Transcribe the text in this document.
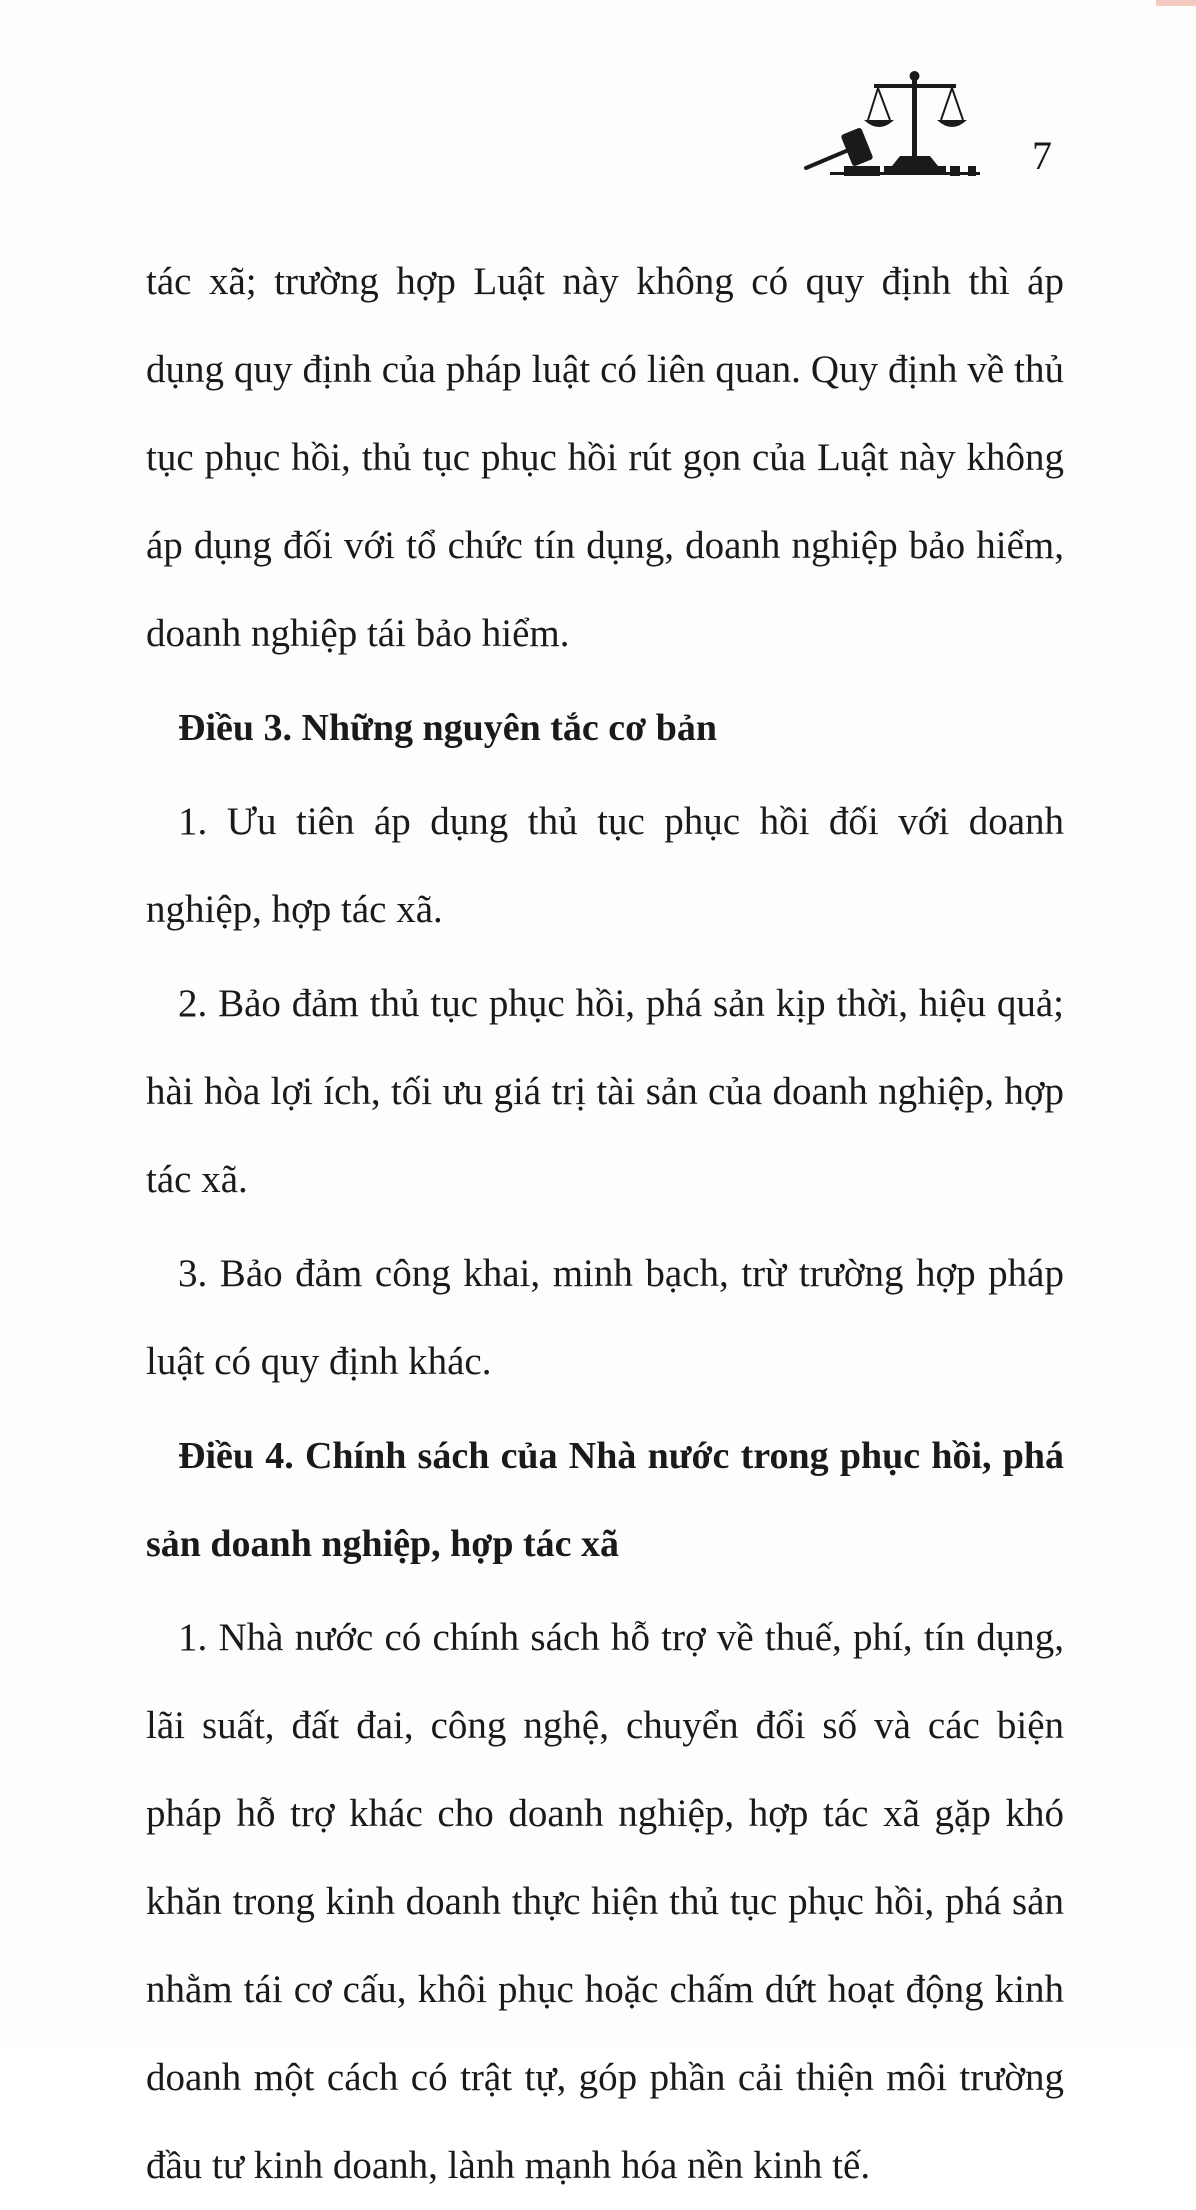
7

tác xã; trường hợp Luật này không có quy định thì áp dụng quy định của pháp luật có liên quan. Quy định về thủ tục phục hồi, thủ tục phục hồi rút gọn của Luật này không áp dụng đối với tổ chức tín dụng, doanh nghiệp bảo hiểm, doanh nghiệp tái bảo hiểm.

Điều 3. Những nguyên tắc cơ bản

1. Ưu tiên áp dụng thủ tục phục hồi đối với doanh nghiệp, hợp tác xã.

2. Bảo đảm thủ tục phục hồi, phá sản kịp thời, hiệu quả; hài hòa lợi ích, tối ưu giá trị tài sản của doanh nghiệp, hợp tác xã.

3. Bảo đảm công khai, minh bạch, trừ trường hợp pháp luật có quy định khác.

Điều 4. Chính sách của Nhà nước trong phục hồi, phá sản doanh nghiệp, hợp tác xã

1. Nhà nước có chính sách hỗ trợ về thuế, phí, tín dụng, lãi suất, đất đai, công nghệ, chuyển đổi số và các biện pháp hỗ trợ khác cho doanh nghiệp, hợp tác xã gặp khó khăn trong kinh doanh thực hiện thủ tục phục hồi, phá sản nhằm tái cơ cấu, khôi phục hoặc chấm dứt hoạt động kinh doanh một cách có trật tự, góp phần cải thiện môi trường đầu tư kinh doanh, lành mạnh hóa nền kinh tế.
